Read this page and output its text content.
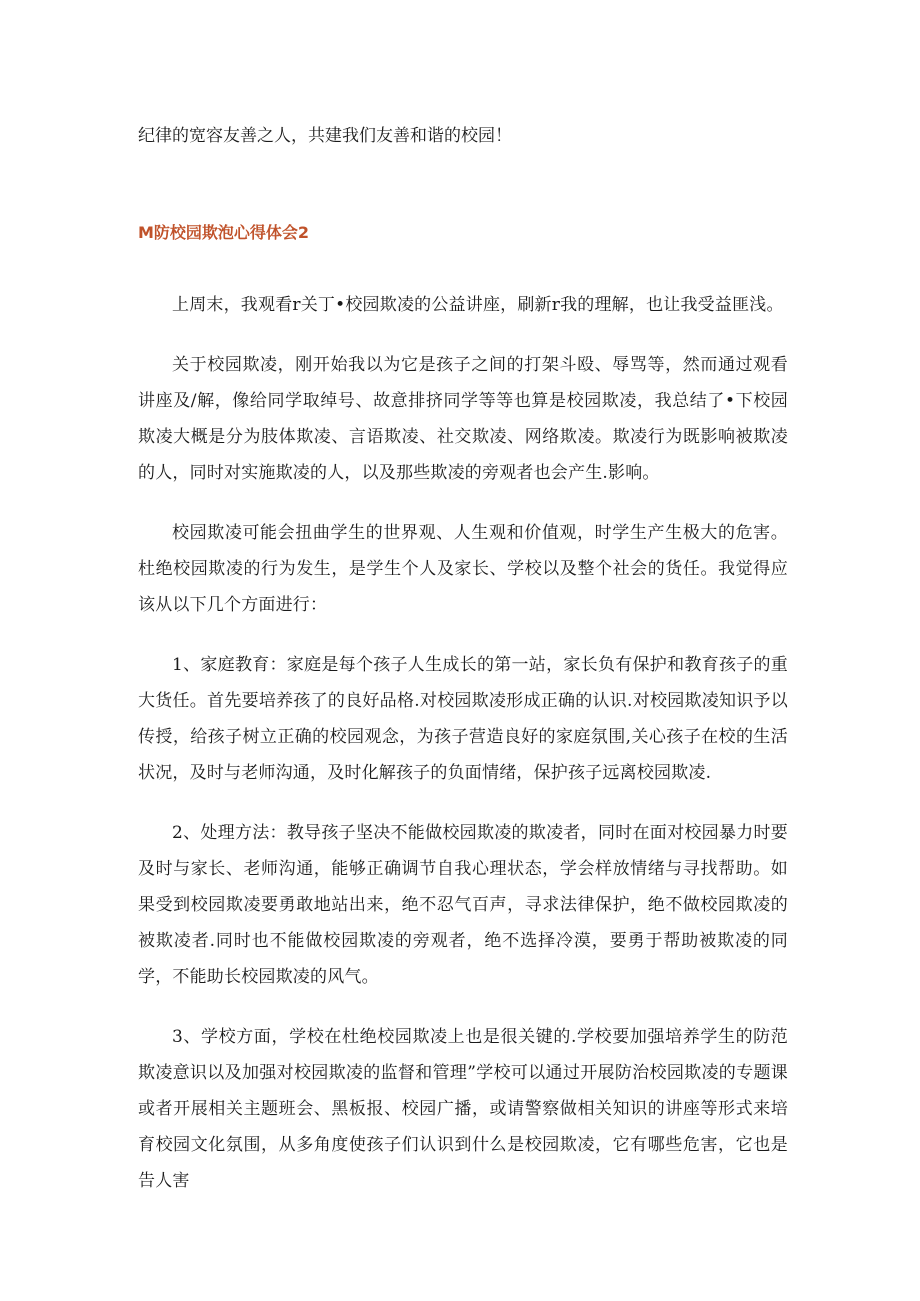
纪律的宽容友善之人，共建我们友善和谐的校园！

M防校园欺泡心得体会2

上周末，我观看r关丁•校园欺凌的公益讲座，刷新r我的理解，也让我受益匪浅。

关于校园欺凌，刚开始我以为它是孩子之间的打架斗殴、辱骂等，然而通过观看讲座及/解，像给同学取绰号、故意排挤同学等等也算是校园欺凌，我总结了•下校园欺凌大概是分为肢体欺凌、言语欺凌、社交欺凌、网络欺凌。欺凌行为既影响被欺凌的人，同时对实施欺凌的人，以及那些欺凌的旁观者也会产生.影响。

校园欺凌可能会扭曲学生的世界观、人生观和价值观，时学生产生极大的危害。杜绝校园欺凌的行为发生，是学生个人及家长、学校以及整个社会的货任。我觉得应该从以下几个方面进行：

1、家庭教育：家庭是每个孩子人生成长的第一站，家长负有保护和教育孩子的重大货任。首先要培养孩了的良好品格.对校园欺凌形成正确的认识.对校园欺凌知识予以传授，给孩子树立正确的校园观念，为孩子营造良好的家庭氛围,关心孩子在校的生活状况，及时与老师沟通，及时化解孩子的负面情绪，保护孩子远离校园欺凌.

2、处理方法：教导孩子坚决不能做校园欺凌的欺凌者，同时在面对校园暴力时要及时与家长、老师沟通，能够正确调节自我心理状态，学会样放情绪与寻找帮助。如果受到校园欺凌要勇敢地站出来，绝不忍气百声，寻求法律保护，绝不做校园欺凌的被欺凌者.同时也不能做校园欺凌的旁观者，绝不选择冷漠，要勇于帮助被欺凌的同学，不能助长校园欺凌的风气。

3、学校方面，学校在杜绝校园欺凌上也是很关键的.学校要加强培养学生的防范欺凌意识以及加强对校园欺凌的监督和管理”学校可以通过开展防治校园欺凌的专题课或者开展相关主题班会、黑板报、校园广播，或请警察做相关知识的讲座等形式来培育校园文化氛围，从多角度使孩子们认识到什么是校园欺凌，它有哪些危害，它也是告人害
